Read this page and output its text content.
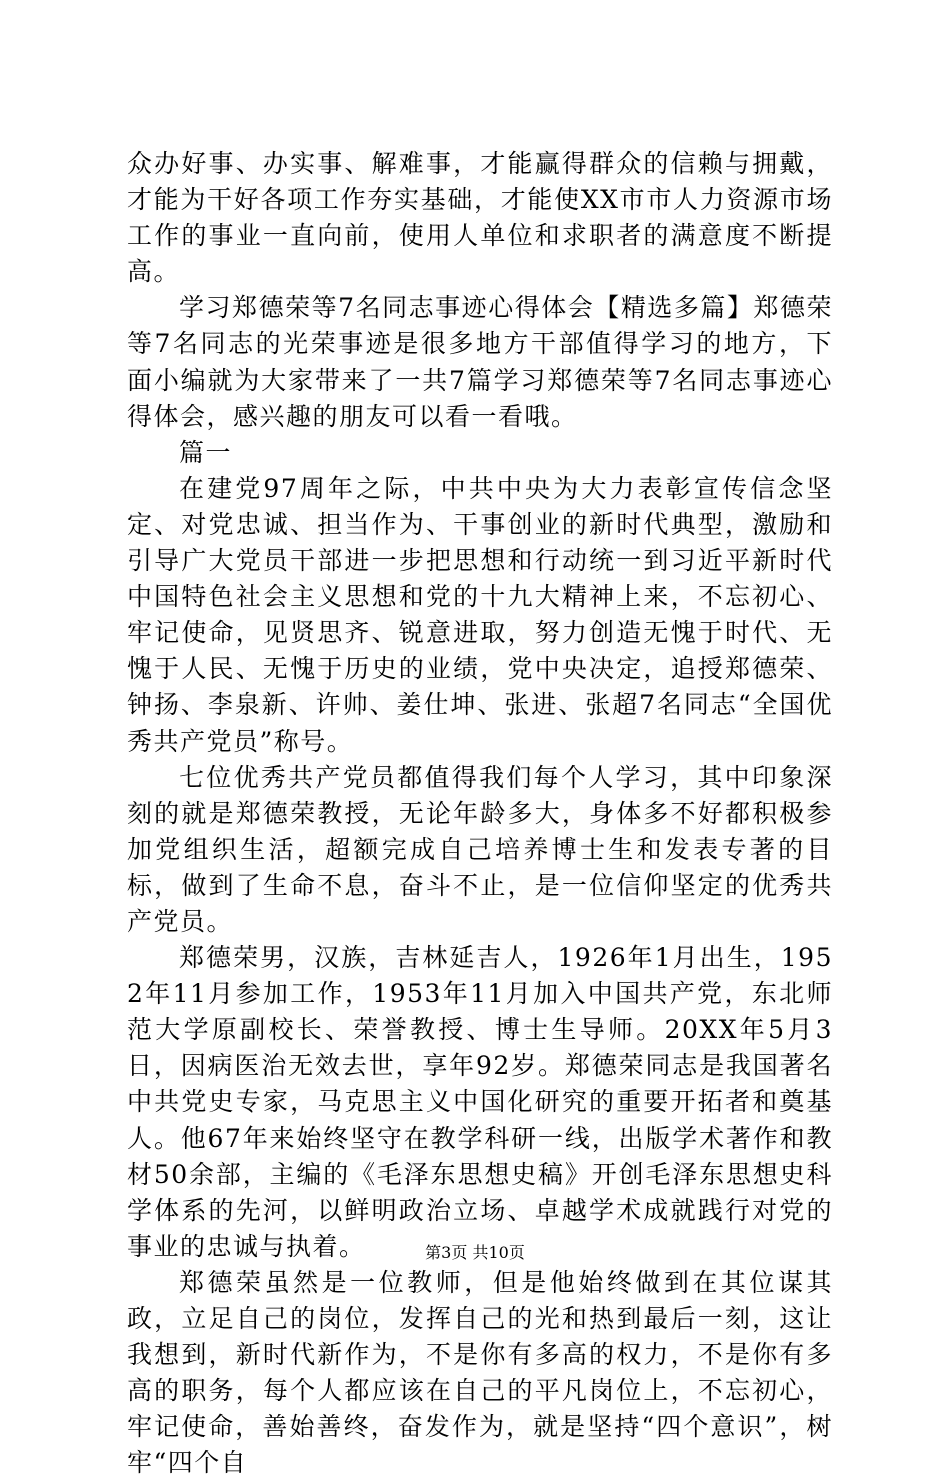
众办好事、办实事、解难事，才能赢得群众的信赖与拥戴，才能为干好各项工作夯实基础，才能使XX市市人力资源市场工作的事业一直向前，使用人单位和求职者的满意度不断提高。

学习郑德荣等7名同志事迹心得体会【精选多篇】郑德荣等7名同志的光荣事迹是很多地方干部值得学习的地方，下面小编就为大家带来了一共7篇学习郑德荣等7名同志事迹心得体会，感兴趣的朋友可以看一看哦。

篇一

在建党97周年之际，中共中央为大力表彰宣传信念坚定、对党忠诚、担当作为、干事创业的新时代典型，激励和引导广大党员干部进一步把思想和行动统一到习近平新时代中国特色社会主义思想和党的十九大精神上来，不忘初心、牢记使命，见贤思齐、锐意进取，努力创造无愧于时代、无愧于人民、无愧于历史的业绩，党中央决定，追授郑德荣、钟扬、李泉新、许帅、姜仕坤、张进、张超7名同志“全国优秀共产党员”称号。

七位优秀共产党员都值得我们每个人学习，其中印象深刻的就是郑德荣教授，无论年龄多大，身体多不好都积极参加党组织生活，超额完成自己培养博士生和发表专著的目标，做到了生命不息，奋斗不止，是一位信仰坚定的优秀共产党员。

郑德荣男，汉族，吉林延吉人，1926年1月出生，1952年11月参加工作，1953年11月加入中国共产党，东北师范大学原副校长、荣誉教授、博士生导师。20XX年5月3日，因病医治无效去世，享年92岁。郑德荣同志是我国著名中共党史专家，马克思主义中国化研究的重要开拓者和奠基人。他67年来始终坚守在教学科研一线，出版学术著作和教材50余部，主编的《毛泽东思想史稿》开创毛泽东思想史科学体系的先河，以鲜明政治立场、卓越学术成就践行对党的事业的忠诚与执着。

郑德荣虽然是一位教师，但是他始终做到在其位谋其政，立足自己的岗位，发挥自己的光和热到最后一刻，这让我想到，新时代新作为，不是你有多高的权力，不是你有多高的职务，每个人都应该在自己的平凡岗位上，不忘初心，牢记使命，善始善终，奋发作为，就是坚持“四个意识”，树牢“四个自

第3页 共10页
